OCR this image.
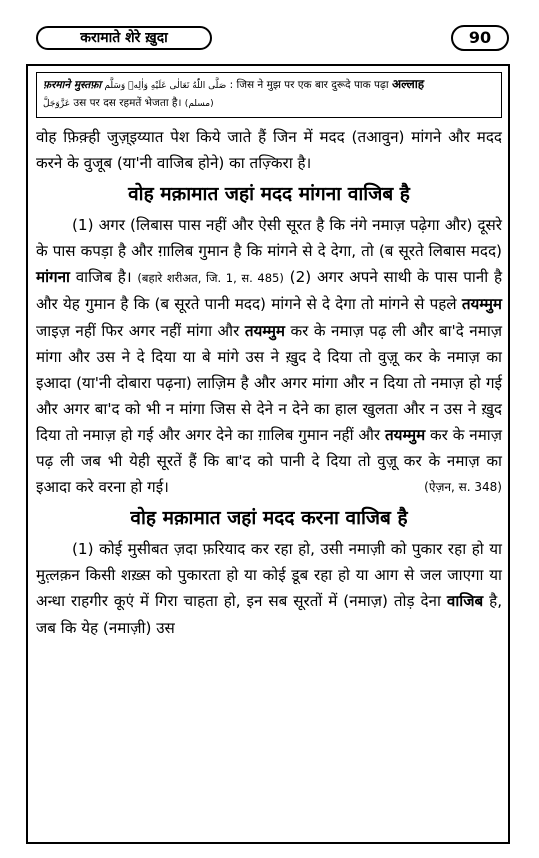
करामाते शेरे ख़ुदा	90
फ़रमाने मुस्तफ़ा صَلَّى اللّٰهُ تَعَالٰى عَلَيْهِ وَاٰلِهٖ وَسَلَّم : जिस ने मुझ पर एक बार दुरूदे पाक पढ़ा अल्लाह
عَزَّوَجَلَّ उस पर दस रहमतें भेजता है। (مسلم)

वोह फ़िक़्ही जुज़्इय्यात पेश किये जाते हैं जिन में मदद (तआवुन) मांगने और मदद करने के वुजूब (या'नी वाजिब होने) का तज़्किरा है।

वोह मक़ामात जहां मदद मांगना वाजिब है

(1) अगर (लिबास पास नहीं और ऐसी सूरत है कि नंगे नमाज़ पढ़ेगा और) दूसरे के पास कपड़ा है और ग़ालिब गुमान है कि मांगने से दे देगा, तो (ब सूरते लिबास मदद) मांगना वाजिब है। (बहारे शरीअत, जि. 1, स. 485) (2) अगर अपने साथी के पास पानी है और येह गुमान है कि (ब सूरते पानी मदद) मांगने से दे देगा तो मांगने से पहले तयम्मुम जाइज़ नहीं फिर अगर नहीं मांगा और तयम्मुम कर के नमाज़ पढ़ ली और बा'दे नमाज़ मांगा और उस ने दे दिया या बे मांगे उस ने ख़ुद दे दिया तो वुज़ू कर के नमाज़ का इआदा (या'नी दोबारा पढ़ना) लाज़िम है और अगर मांगा और न दिया तो नमाज़ हो गई और अगर बा'द को भी न मांगा जिस से देने न देने का हाल खुलता और न उस ने ख़ुद दिया तो नमाज़ हो गई और अगर देने का ग़ालिब गुमान नहीं और तयम्मुम कर के नमाज़ पढ़ ली जब भी येही सूरतें हैं कि बा'द को पानी दे दिया तो वुज़ू कर के नमाज़ का इआदा करे वरना हो गई।	(ऐज़न, स. 348)

वोह मक़ामात जहां मदद करना वाजिब है

(1) कोई मुसीबत ज़दा फ़रियाद कर रहा हो, उसी नमाज़ी को पुकार रहा हो या मुत़्लक़न किसी शख़्स को पुकारता हो या कोई डूब रहा हो या आग से जल जाएगा या अन्धा राहगीर कूएं में गिरा चाहता हो, इन सब सूरतों में (नमाज़) तोड़ देना वाजिब है, जब कि येह (नमाज़ी) उस
